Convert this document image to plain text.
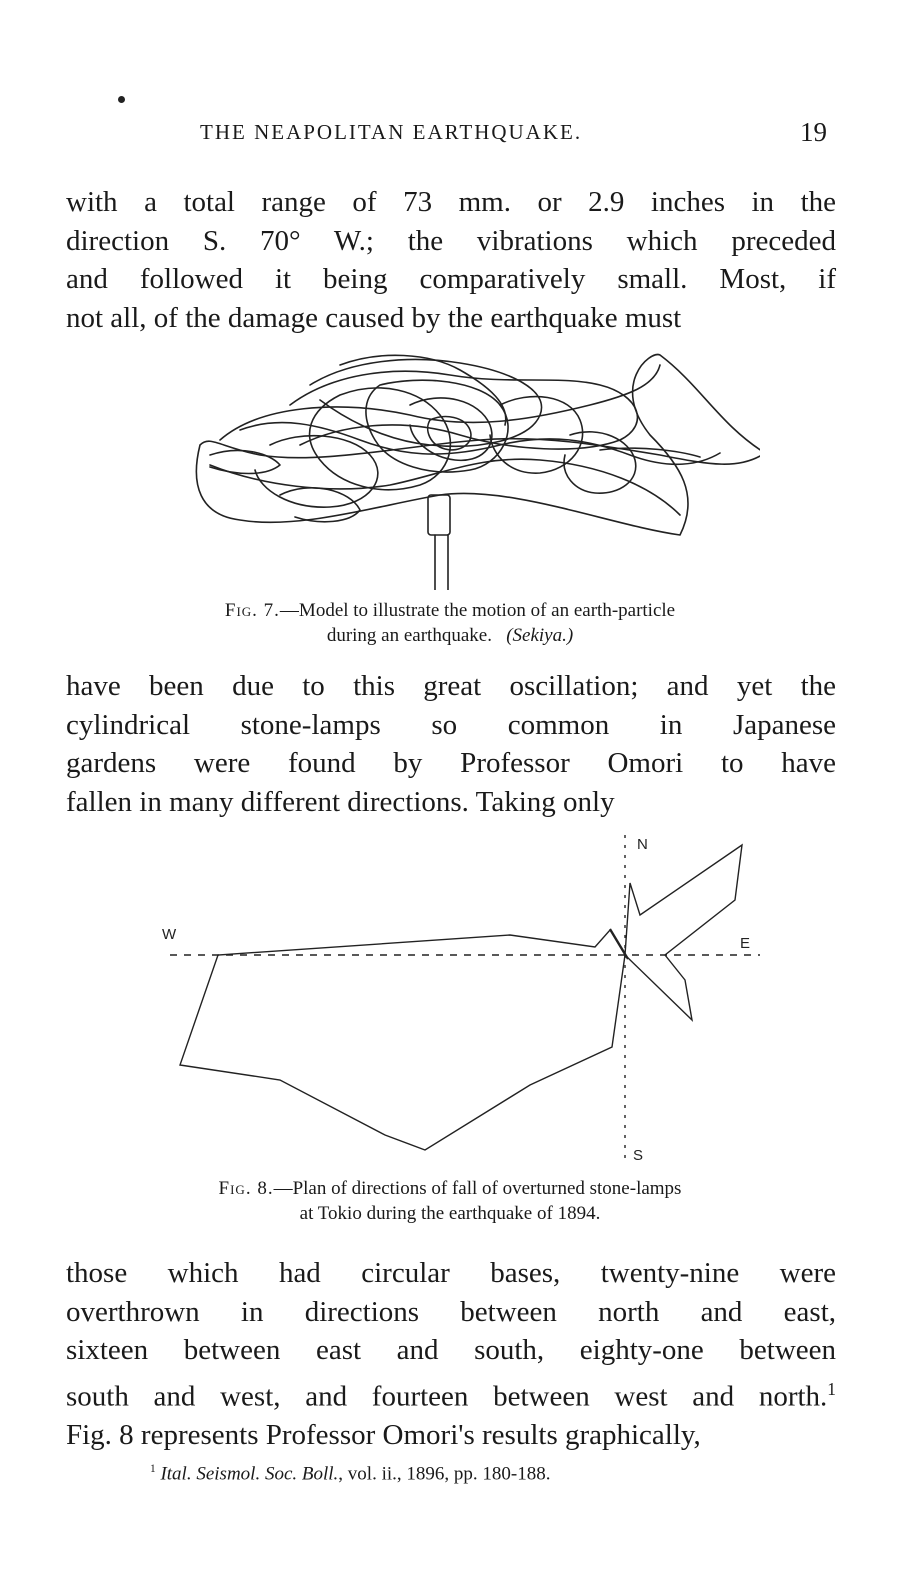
THE NEAPOLITAN EARTHQUAKE.	19
with a total range of 73 mm. or 2.9 inches in the
direction S. 70° W.; the vibrations which preceded
and followed it being comparatively small. Most, if
not all, of the damage caused by the earthquake must
Fig. 7.—Model to illustrate the motion of an earth-particle
during an earthquake. (Sekiya.)
have been due to this great oscillation; and yet the
cylindrical stone-lamps so common in Japanese
gardens were found by Professor Omori to have
fallen in many different directions. Taking only
N
S
E
W
Fig. 8.—Plan of directions of fall of overturned stone-lamps
at Tokio during the earthquake of 1894.
those which had circular bases, twenty-nine were
overthrown in directions between north and east,
sixteen between east and south, eighty-one between
south and west, and fourteen between west and north.$^1$
Fig. 8 represents Professor Omori's results graphically,
$^1$ Ital. Seismol. Soc. Boll., vol. ii., 1896, pp. 180-188.
